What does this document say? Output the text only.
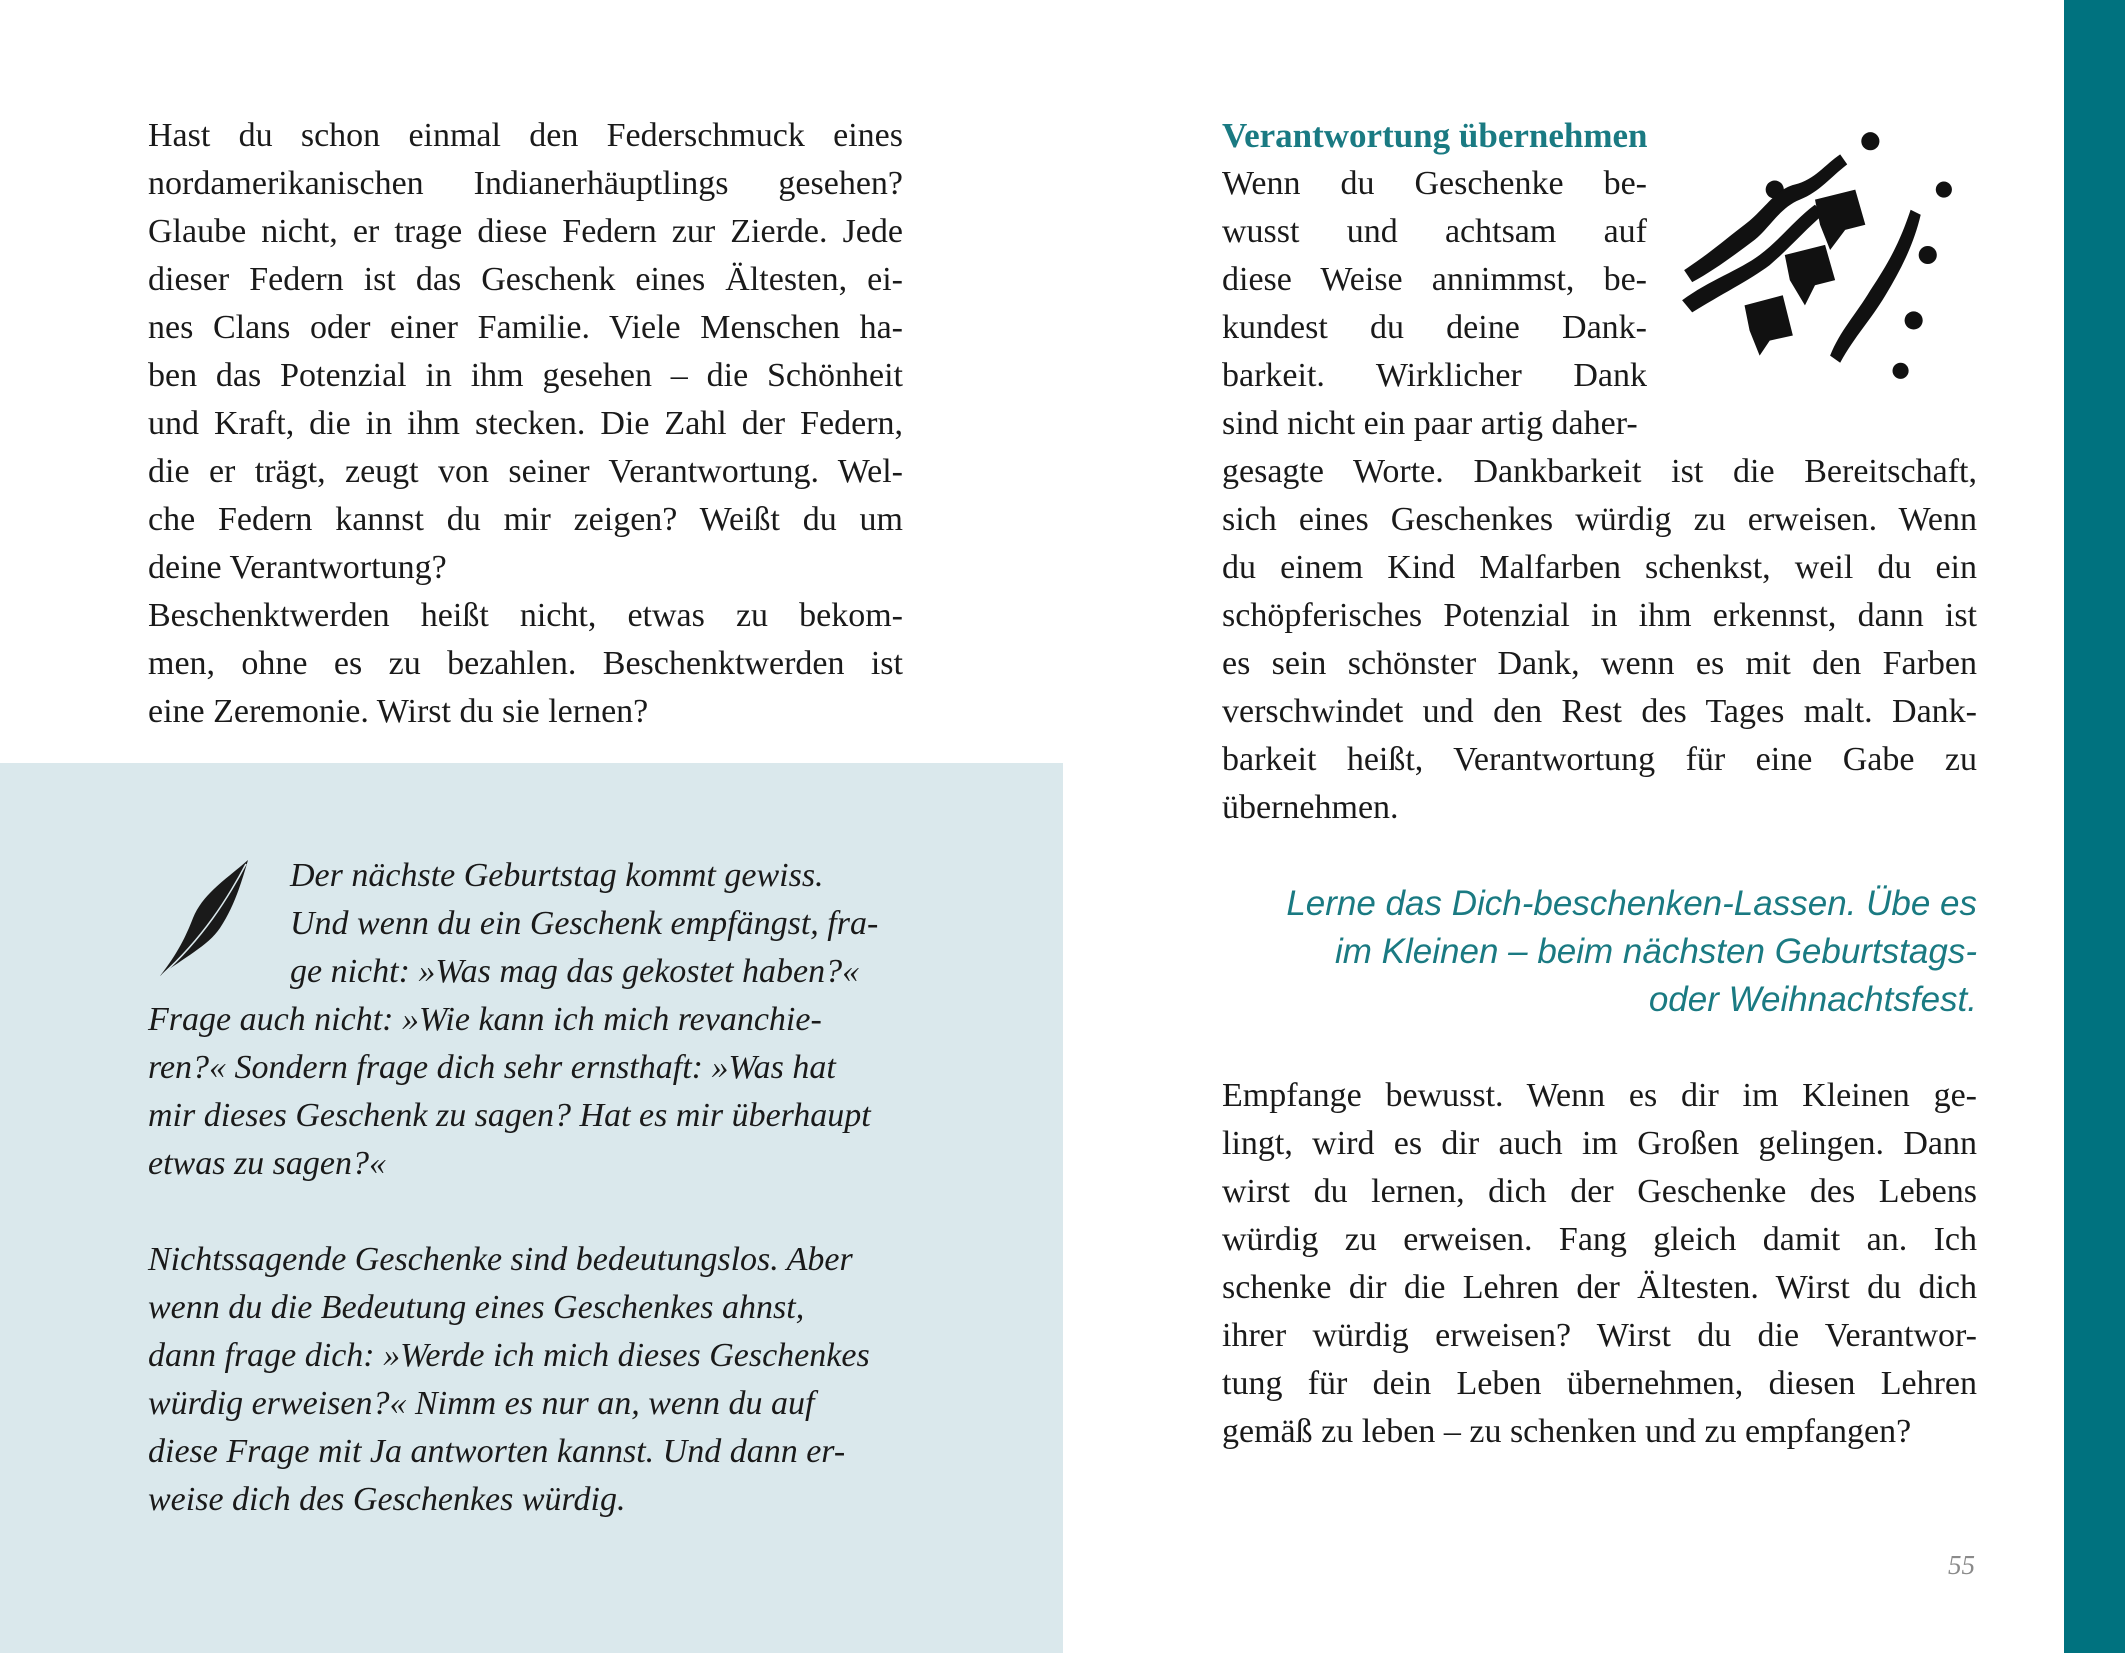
Hast du schon einmal den Federschmuck eines
nordamerikanischen Indianerhäuptlings gesehen?
Glaube nicht, er trage diese Federn zur Zierde. Jede
dieser Federn ist das Geschenk eines Ältesten, ei-
nes Clans oder einer Familie. Viele Menschen ha-
ben das Potenzial in ihm gesehen – die Schönheit
und Kraft, die in ihm stecken. Die Zahl der Federn,
die er trägt, zeugt von seiner Verantwortung. Wel-
che Federn kannst du mir zeigen? Weißt du um
deine Verantwortung?
Beschenktwerden heißt nicht, etwas zu bekom-
men, ohne es zu bezahlen. Beschenktwerden ist
eine Zeremonie. Wirst du sie lernen?
Der nächste Geburtstag kommt gewiss.
Und wenn du ein Geschenk empfängst, fra-
ge nicht: »Was mag das gekostet haben?«
Frage auch nicht: »Wie kann ich mich revanchie-
ren?« Sondern frage dich sehr ernsthaft: »Was hat
mir dieses Geschenk zu sagen? Hat es mir überhaupt
etwas zu sagen?«
Nichtssagende Geschenke sind bedeutungslos. Aber
wenn du die Bedeutung eines Geschenkes ahnst,
dann frage dich: »Werde ich mich dieses Geschenkes
würdig erweisen?« Nimm es nur an, wenn du auf
diese Frage mit Ja antworten kannst. Und dann er-
weise dich des Geschenkes würdig.
Verantwortung übernehmen
Wenn du Geschenke be-
wusst und achtsam auf
diese Weise annimmst, be-
kundest du deine Dank-
barkeit. Wirklicher Dank
sind nicht ein paar artig daher-
gesagte Worte. Dankbarkeit ist die Bereitschaft,
sich eines Geschenkes würdig zu erweisen. Wenn
du einem Kind Malfarben schenkst, weil du ein
schöpferisches Potenzial in ihm erkennst, dann ist
es sein schönster Dank, wenn es mit den Farben
verschwindet und den Rest des Tages malt. Dank-
barkeit heißt, Verantwortung für eine Gabe zu
übernehmen.
Lerne das Dich-beschenken-Lassen. Übe es
im Kleinen – beim nächsten Geburtstags-
oder Weihnachtsfest.
Empfange bewusst. Wenn es dir im Kleinen ge-
lingt, wird es dir auch im Großen gelingen. Dann
wirst du lernen, dich der Geschenke des Lebens
würdig zu erweisen. Fang gleich damit an. Ich
schenke dir die Lehren der Ältesten. Wirst du dich
ihrer würdig erweisen? Wirst du die Verantwor-
tung für dein Leben übernehmen, diesen Lehren
gemäß zu leben – zu schenken und zu empfangen?
55
